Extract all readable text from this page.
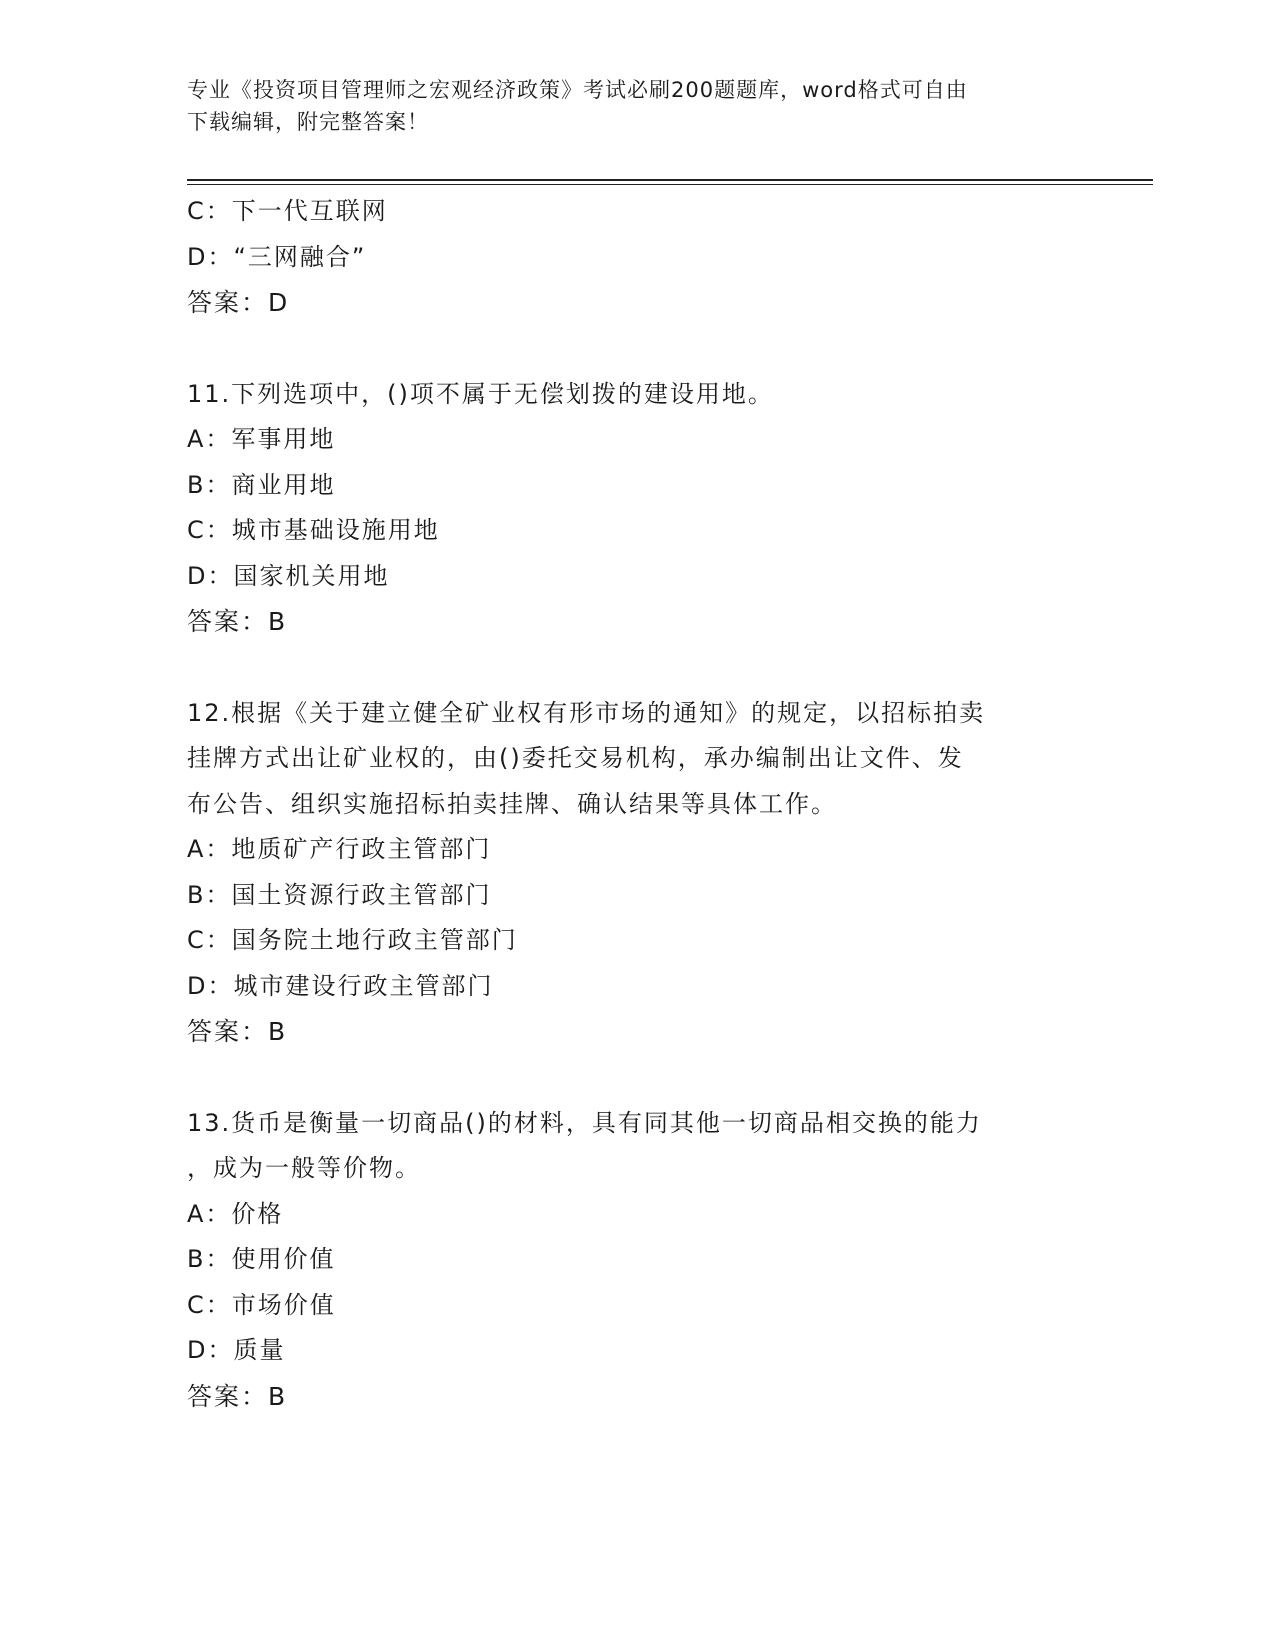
专业《投资项目管理师之宏观经济政策》考试必刷200题题库，word格式可自由
下载编辑，附完整答案！
C：下一代互联网
D：“三网融合”
答案：D
11.下列选项中，()项不属于无偿划拨的建设用地。
A：军事用地
B：商业用地
C：城市基础设施用地
D：国家机关用地
答案：B
12.根据《关于建立健全矿业权有形市场的通知》的规定，以招标拍卖
挂牌方式出让矿业权的，由()委托交易机构，承办编制出让文件、发
布公告、组织实施招标拍卖挂牌、确认结果等具体工作。
A：地质矿产行政主管部门
B：国土资源行政主管部门
C：国务院土地行政主管部门
D：城市建设行政主管部门
答案：B
13.货币是衡量一切商品()的材料，具有同其他一切商品相交换的能力
，成为一般等价物。
A：价格
B：使用价值
C：市场价值
D：质量
答案：B
